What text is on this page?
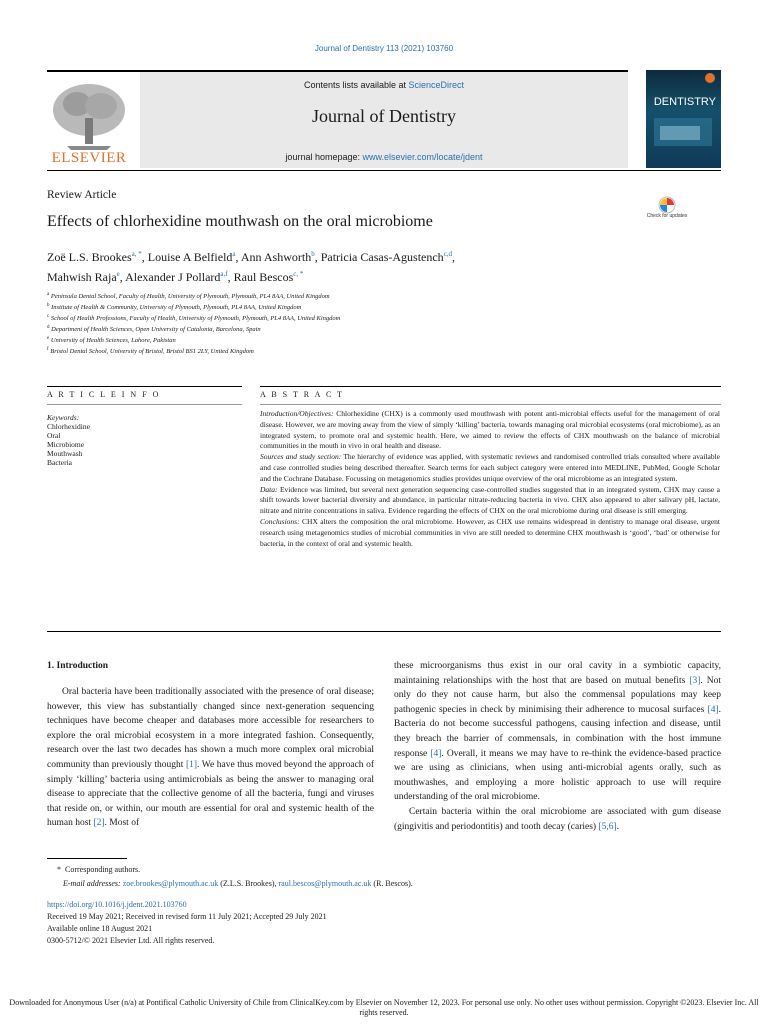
Journal of Dentistry 113 (2021) 103760
Contents lists available at ScienceDirect
Journal of Dentistry
journal homepage: www.elsevier.com/locate/jdent
ELSEVIER
DENTISTRY
Review Article
Effects of chlorhexidine mouthwash on the oral microbiome	Check for updates
Zoë L.S. Brookes$^{a, *}$, Louise A Belfield$^a$, Ann Ashworth$^b$, Patricia Casas-Agustench$^{c,d}$,
Mahwish Raja$^e$, Alexander J Pollard$^{a,f}$, Raul Bescos$^{c, *}$
$^a$ Peninsula Dental School, Faculty of Health, University of Plymouth, Plymouth, PL4 8AA, United Kingdom
$^b$ Institute of Health & Community, University of Plymouth, Plymouth, PL4 8AA, United Kingdom
$^c$ School of Health Professions, Faculty of Health, University of Plymouth, Plymouth, PL4 8AA, United Kingdom
$^d$ Department of Health Sciences, Open University of Catalonia, Barcelona, Spain
$^e$ University of Health Sciences, Lahore, Pakistan
$^f$ Bristol Dental School, University of Bristol, Bristol BS1 2LY, United Kingdom
A R T I C L E I N F O	A B S T R A C T
Keywords:
Chlorhexidine
Oral
Microbiome
Mouthwash
Bacteria
Introduction/Objectives: Chlorhexidine (CHX) is a commonly used mouthwash with potent anti-microbial effects useful for the management of oral disease. However, we are moving away from the view of simply ‘killing’ bacteria, towards managing oral microbial ecosystems (oral microbiome), as an integrated system, to promote oral and systemic health. Here, we aimed to review the effects of CHX mouthwash on the balance of microbial communities in the mouth in vivo in oral health and disease.
Sources and study section: The hierarchy of evidence was applied, with systematic reviews and randomised controlled trials consulted where available and case controlled studies being described thereafter. Search terms for each subject category were entered into MEDLINE, PubMed, Google Scholar and the Cochrane Database. Focussing on metagenomics studies provides unique overview of the oral microbiome as an integrated system.
Data: Evidence was limited, but several next generation sequencing case-controlled studies suggested that in an integrated system, CHX may cause a shift towards lower bacterial diversity and abundance, in particular nitrate-reducing bacteria in vivo. CHX also appeared to alter salivary pH, lactate, nitrate and nitrite concentrations in saliva. Evidence regarding the effects of CHX on the oral microbiome during oral disease is still emerging.
Conclusions: CHX alters the composition the oral microbiome. However, as CHX use remains widespread in dentistry to manage oral disease, urgent research using metagenomics studies of microbial communities in vivo are still needed to determine CHX mouthwash is ‘good’, ‘bad’ or otherwise for bacteria, in the context of oral and systemic health.
1. Introduction

Oral bacteria have been traditionally associated with the presence of oral disease; however, this view has substantially changed since next-generation sequencing techniques have become cheaper and databases more accessible for researchers to explore the oral microbial ecosystem in a more integrated fashion. Consequently, research over the last two decades has shown a much more complex oral microbial community than previously thought [1]. We have thus moved beyond the approach of simply ‘killing’ bacteria using antimicrobials as being the answer to managing oral disease to appreciate that the collective genome of all the bacteria, fungi and viruses that reside on, or within, our mouth are essential for oral and systemic health of the human host [2]. Most of

these microorganisms thus exist in our oral cavity in a symbiotic capacity, maintaining relationships with the host that are based on mutual benefits [3]. Not only do they not cause harm, but also the commensal populations may keep pathogenic species in check by minimising their adherence to mucosal surfaces [4]. Bacteria do not become successful pathogens, causing infection and disease, until they breach the barrier of commensals, in combination with the host immune response [4]. Overall, it means we may have to re-think the evidence-based practice we are using as clinicians, when using anti-microbial agents orally, such as mouthwashes, and employing a more holistic approach to use will require understanding of the oral microbiome.

Certain bacteria within the oral microbiome are associated with gum disease (gingivitis and periodontitis) and tooth decay (caries) [5,6].

*  Corresponding authors.
E-mail addresses: zoe.brookes@plymouth.ac.uk (Z.L.S. Brookes), raul.bescos@plymouth.ac.uk (R. Bescos).
https://doi.org/10.1016/j.jdent.2021.103760
Received 19 May 2021; Received in revised form 11 July 2021; Accepted 29 July 2021
Available online 18 August 2021
0300-5712/© 2021 Elsevier Ltd. All rights reserved.
Downloaded for Anonymous User (n/a) at Pontifical Catholic University of Chile from ClinicalKey.com by Elsevier on November 12, 2023. For personal use only. No other uses without permission. Copyright ©2023. Elsevier Inc. All rights reserved.
